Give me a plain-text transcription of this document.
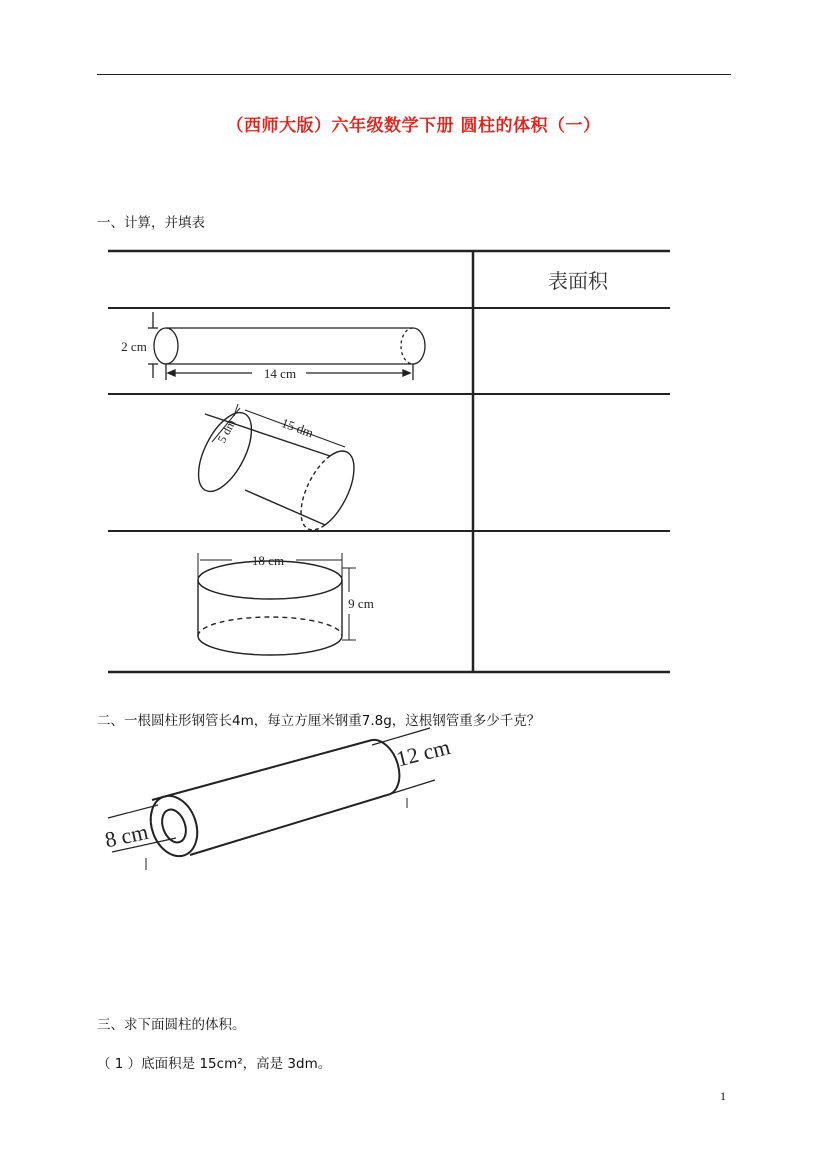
（西师大版）六年级数学下册 圆柱的体积（一）
一、计算，并填表
表面积
2 cm
14 cm
15 dm
5 dm
18 cm
9 cm
12 cm
8 cm
二、一根圆柱形钢管长4m，每立方厘米钢重7.8g，这根钢管重多少千克？
三、求下面圆柱的体积。
（ 1 ）底面积是 15cm²，高是 3dm。
1
